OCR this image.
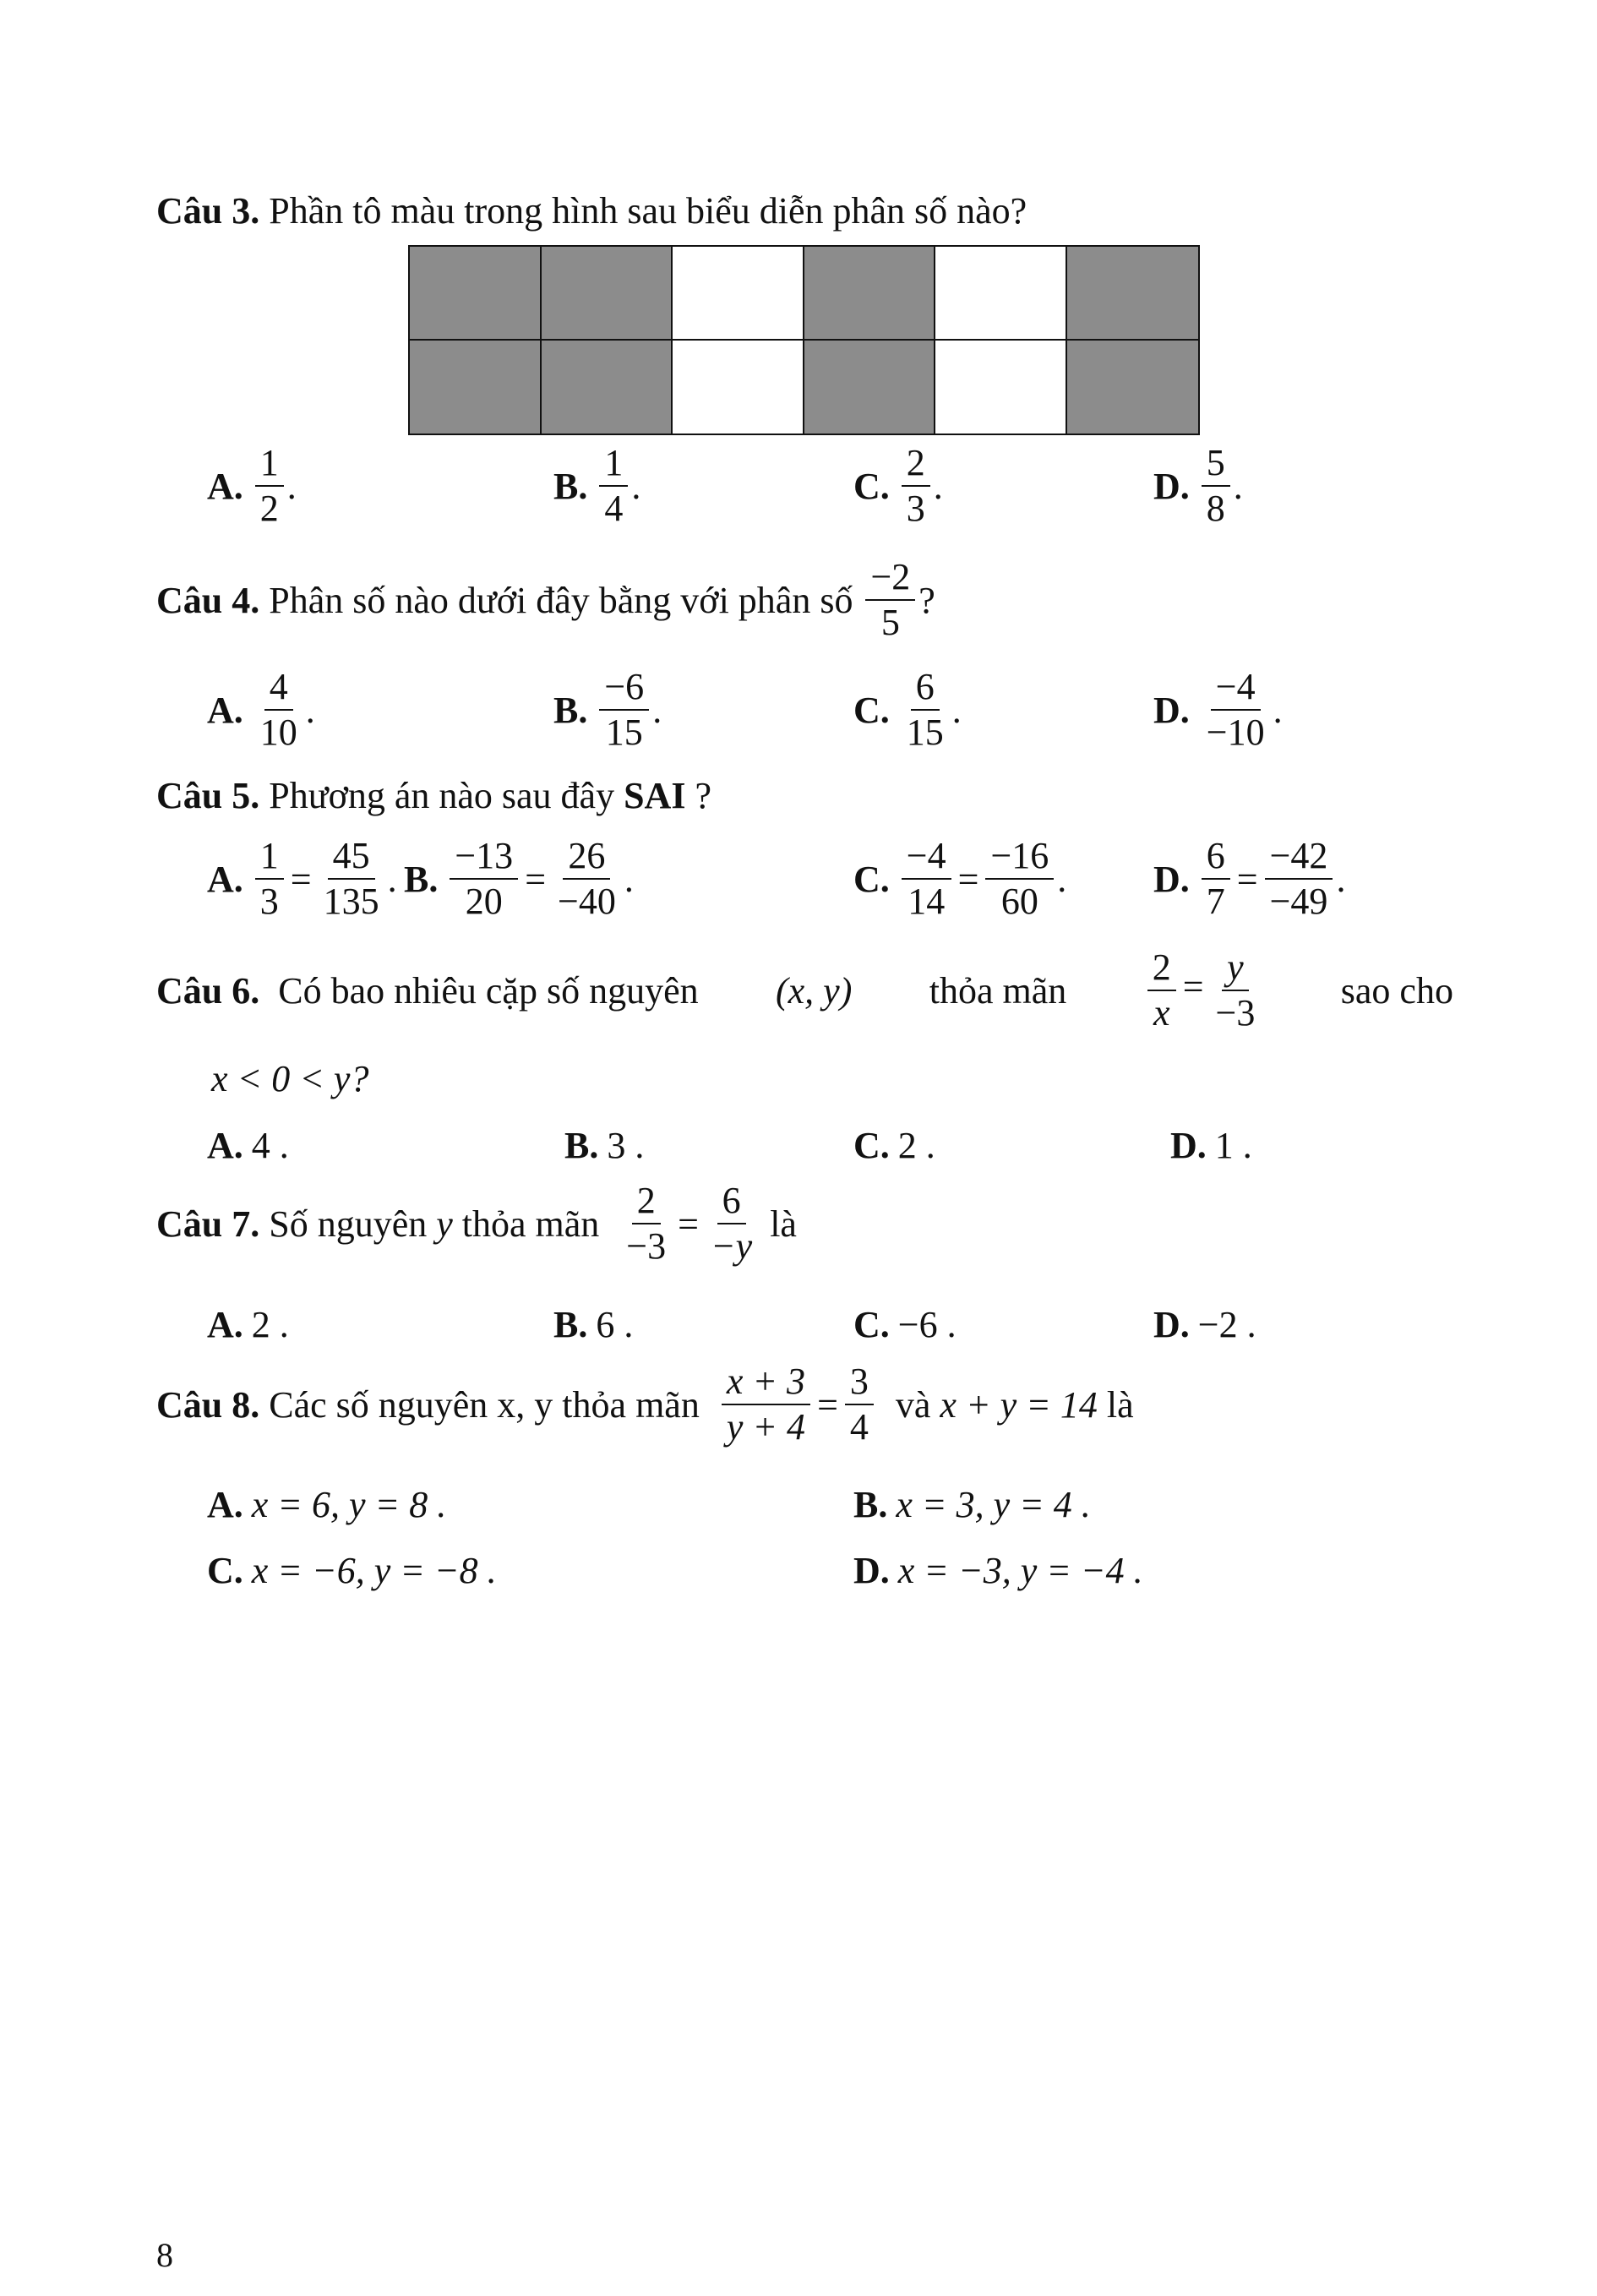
Câu 3. Phần tô màu trong hình sau biểu diễn phân số nào?
A. $\frac{1}{2}$ .	B. $\frac{1}{4}$ .	C. $\frac{2}{3}$ .	D. $\frac{5}{8}$ .
Câu 4.
Phân số nào dưới đây bằng với phân số
$\frac{-2}{5}$ ?
A. $\frac{4}{10}$ .	B. $\frac{-6}{15}$ .	C. $\frac{6}{15}$ .	D. $\frac{-4}{-10}$ .
Câu 5. Phương án nào sau đây SAI ?
A. $\frac{1}{3} = \frac{45}{135}$ . B. $\frac{-13}{20} = \frac{26}{-40}$ .	C. $\frac{-4}{14} = \frac{-16}{60}$ . D. $\frac{6}{7} = \frac{-42}{-49}$ .
Câu 6. Có bao nhiêu cặp số nguyên (x, y) thỏa mãn $\frac{2}{x} = \frac{y}{-3}$ sao cho
x < 0 < y?
A. 4 .	B. 3 .	C. 2 .	D. 1 .
Câu 7.
Số nguyên
y
thỏa mãn
$\frac{2}{-3} = \frac{6}{-y}$
là
A. 2 .	B. 6 .	C. −6 .	D. −2 .
Câu 8.
Các số nguyên x, y thỏa mãn
$\frac{x + 3}{y + 4} = \frac{3}{4}$
và
x + y = 14
là
A. x = 6, y = 8 .	B. x = 3, y = 4 .
C. x = −6, y = −8 .	D. x = −3, y = −4 .
8
